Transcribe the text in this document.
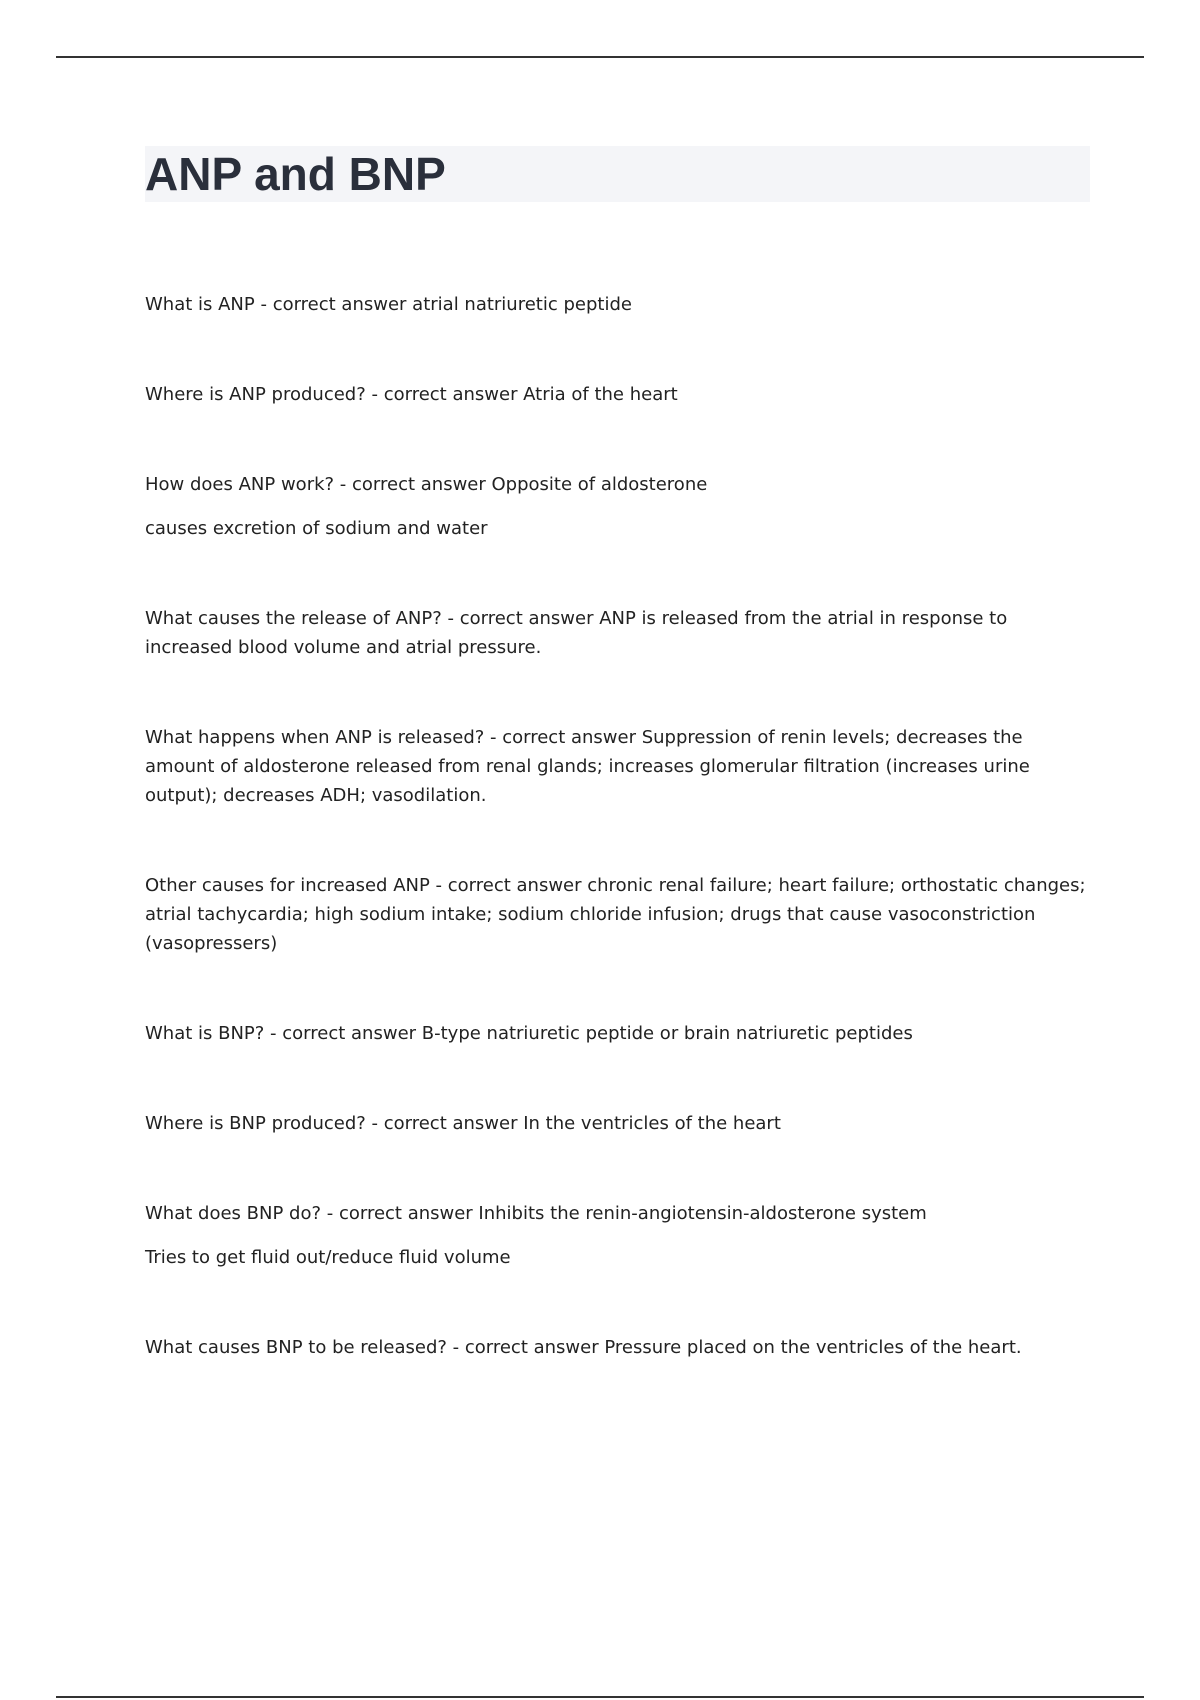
ANP and BNP

What is ANP - correct answer atrial natriuretic peptide

Where is ANP produced? - correct answer Atria of the heart

How does ANP work? - correct answer Opposite of aldosterone

causes excretion of sodium and water

What causes the release of ANP? - correct answer ANP is released from the atrial in response to increased blood volume and atrial pressure.

What happens when ANP is released? - correct answer Suppression of renin levels; decreases the amount of aldosterone released from renal glands; increases glomerular filtration (increases urine output); decreases ADH; vasodilation.

Other causes for increased ANP - correct answer chronic renal failure; heart failure; orthostatic changes; atrial tachycardia; high sodium intake; sodium chloride infusion; drugs that cause vasoconstriction (vasopressers)

What is BNP? - correct answer B-type natriuretic peptide or brain natriuretic peptides

Where is BNP produced? - correct answer In the ventricles of the heart

What does BNP do? - correct answer Inhibits the renin-angiotensin-aldosterone system

Tries to get fluid out/reduce fluid volume

What causes BNP to be released? - correct answer Pressure placed on the ventricles of the heart.
